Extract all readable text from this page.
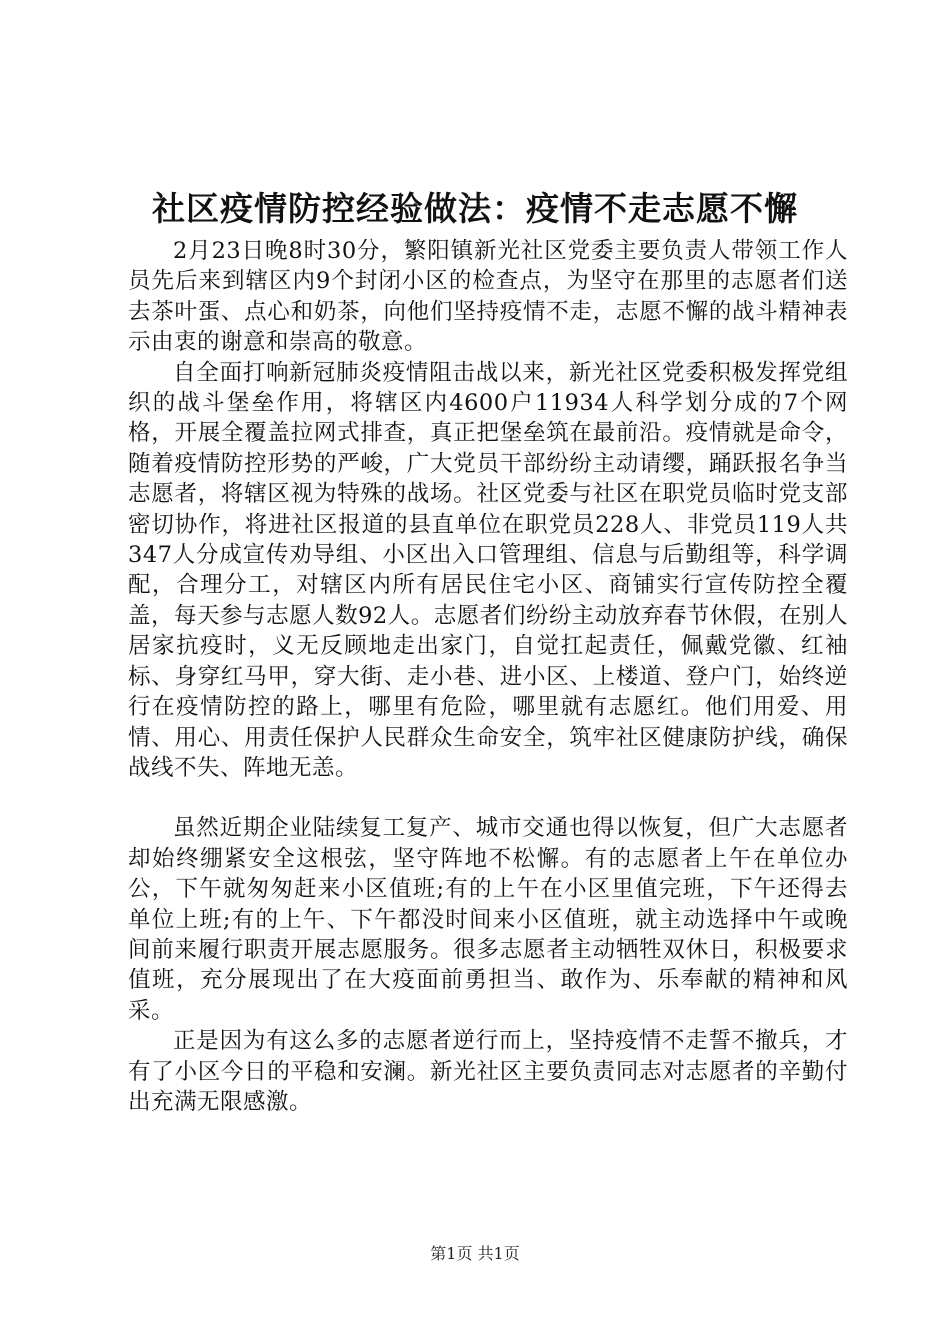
社区疫情防控经验做法：疫情不走志愿不懈

2月23日晚8时30分，繁阳镇新光社区党委主要负责人带领工作人员先后来到辖区内9个封闭小区的检查点，为坚守在那里的志愿者们送去茶叶蛋、点心和奶茶，向他们坚持疫情不走，志愿不懈的战斗精神表示由衷的谢意和崇高的敬意。

自全面打响新冠肺炎疫情阻击战以来，新光社区党委积极发挥党组织的战斗堡垒作用，将辖区内4600户11934人科学划分成的7个网格，开展全覆盖拉网式排查，真正把堡垒筑在最前沿。疫情就是命令，随着疫情防控形势的严峻，广大党员干部纷纷主动请缨，踊跃报名争当志愿者，将辖区视为特殊的战场。社区党委与社区在职党员临时党支部密切协作，将进社区报道的县直单位在职党员228人、非党员119人共347人分成宣传劝导组、小区出入口管理组、信息与后勤组等，科学调配，合理分工，对辖区内所有居民住宅小区、商铺实行宣传防控全覆盖，每天参与志愿人数92人。志愿者们纷纷主动放弃春节休假，在别人居家抗疫时，义无反顾地走出家门，自觉扛起责任，佩戴党徽、红袖标、身穿红马甲，穿大街、走小巷、进小区、上楼道、登户门，始终逆行在疫情防控的路上，哪里有危险，哪里就有志愿红。他们用爱、用情、用心、用责任保护人民群众生命安全，筑牢社区健康防护线，确保战线不失、阵地无恙。

虽然近期企业陆续复工复产、城市交通也得以恢复，但广大志愿者却始终绷紧安全这根弦，坚守阵地不松懈。有的志愿者上午在单位办公，下午就匆匆赶来小区值班;有的上午在小区里值完班，下午还得去单位上班;有的上午、下午都没时间来小区值班，就主动选择中午或晚间前来履行职责开展志愿服务。很多志愿者主动牺牲双休日，积极要求值班，充分展现出了在大疫面前勇担当、敢作为、乐奉献的精神和风采。

正是因为有这么多的志愿者逆行而上，坚持疫情不走誓不撤兵，才有了小区今日的平稳和安澜。新光社区主要负责同志对志愿者的辛勤付出充满无限感激。

第1页 共1页
